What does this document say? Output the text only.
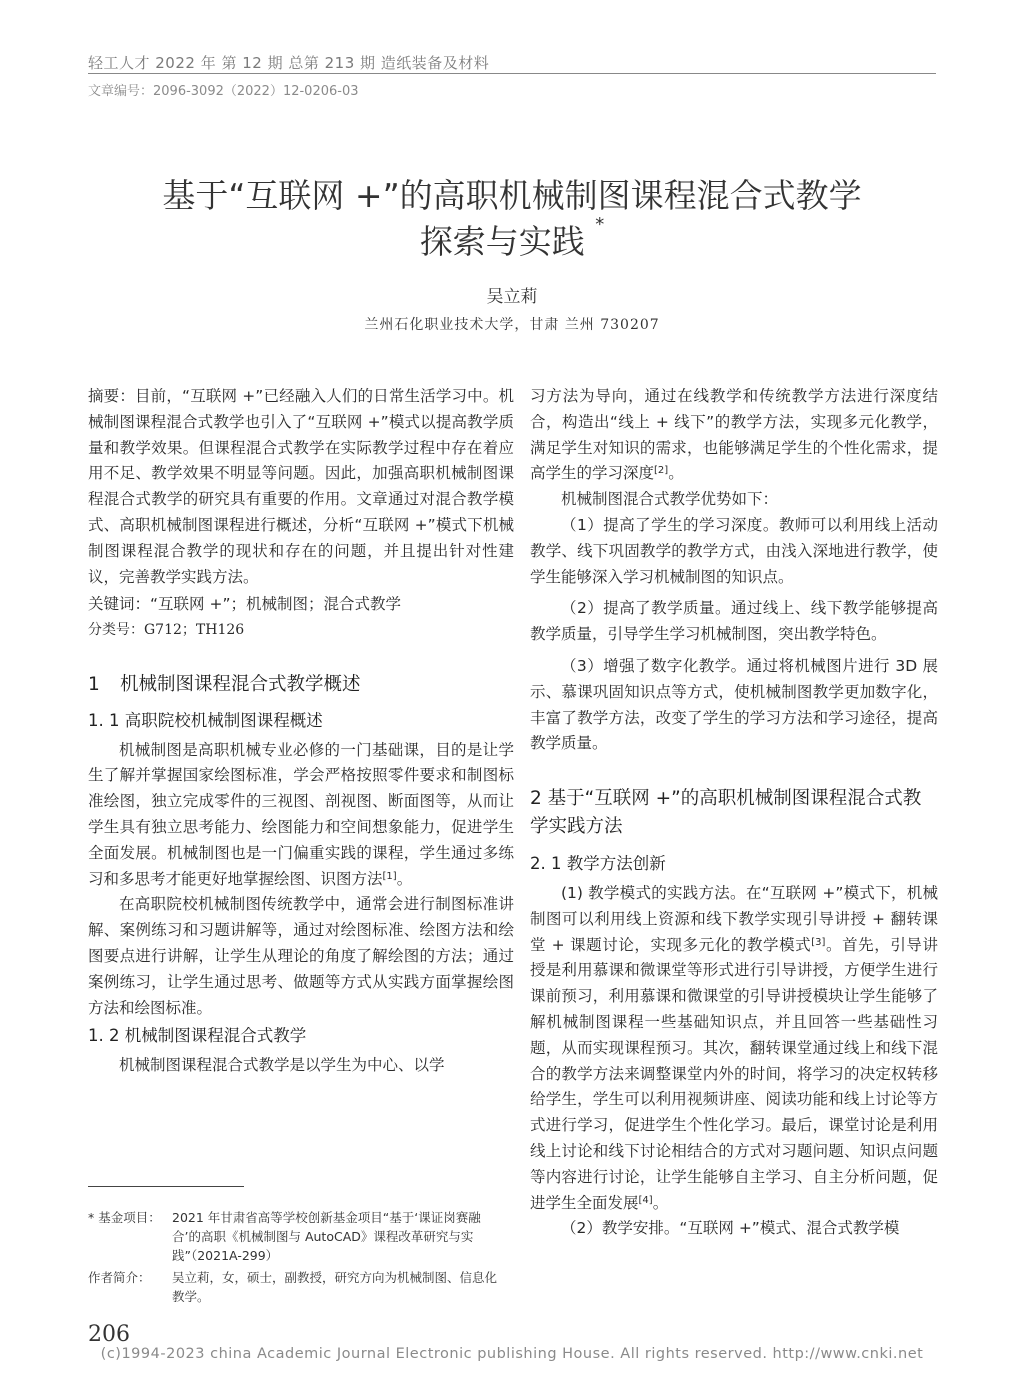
轻工人才 2022 年 第 12 期 总第 213 期 造纸装备及材料
文章编号：2096-3092（2022）12-0206-03
基于“互联网 +”的高职机械制图课程混合式教学
探索与实践 *
吴立莉
兰州石化职业技术大学，甘肃 兰州 730207

摘要：目前，“互联网 +”已经融入人们的日常生活学习中。机械制图课程混合式教学也引入了“互联网 +”模式以提高教学质量和教学效果。但课程混合式教学在实际教学过程中存在着应用不足、教学效果不明显等问题。因此，加强高职机械制图课程混合式教学的研究具有重要的作用。文章通过对混合教学模式、高职机械制图课程进行概述，分析“互联网 +”模式下机械制图课程混合教学的现状和存在的问题，并且提出针对性建议，完善教学实践方法。

关键词：“互联网 +”；机械制图；混合式教学

分类号：G712；TH126

1 机械制图课程混合式教学概述

1. 1 高职院校机械制图课程概述

机械制图是高职机械专业必修的一门基础课，目的是让学生了解并掌握国家绘图标准，学会严格按照零件要求和制图标准绘图，独立完成零件的三视图、剖视图、断面图等，从而让学生具有独立思考能力、绘图能力和空间想象能力，促进学生全面发展。机械制图也是一门偏重实践的课程，学生通过多练习和多思考才能更好地掌握绘图、识图方法[1]。

在高职院校机械制图传统教学中，通常会进行制图标准讲解、案例练习和习题讲解等，通过对绘图标准、绘图方法和绘图要点进行讲解，让学生从理论的角度了解绘图的方法；通过案例练习，让学生通过思考、做题等方式从实践方面掌握绘图方法和绘图标准。

1. 2 机械制图课程混合式教学

机械制图课程混合式教学是以学生为中心、以学

* 基金项目： 2021 年甘肃省高等学校创新基金项目“基于‘课证岗赛融合’的高职《机械制图与 AutoCAD》课程改革研究与实践”（2021A-299）
作者简介： 吴立莉，女，硕士，副教授，研究方向为机械制图、信息化教学。

习方法为导向，通过在线教学和传统教学方法进行深度结合，构造出“线上 + 线下”的教学方法，实现多元化教学，满足学生对知识的需求，也能够满足学生的个性化需求，提高学生的学习深度[2]。

机械制图混合式教学优势如下：

（1）提高了学生的学习深度。教师可以利用线上活动教学、线下巩固教学的教学方式，由浅入深地进行教学，使学生能够深入学习机械制图的知识点。

（2）提高了教学质量。通过线上、线下教学能够提高教学质量，引导学生学习机械制图，突出教学特色。

（3）增强了数字化教学。通过将机械图片进行 3D 展示、慕课巩固知识点等方式，使机械制图教学更加数字化，丰富了教学方法，改变了学生的学习方法和学习途径，提高教学质量。

2 基于“互联网 +”的高职机械制图课程混合式教学实践方法

2. 1 教学方法创新

(1) 教学模式的实践方法。在“互联网 +”模式下，机械制图可以利用线上资源和线下教学实现引导讲授 + 翻转课堂 + 课题讨论，实现多元化的教学模式[3]。首先，引导讲授是利用慕课和微课堂等形式进行引导讲授，方便学生进行课前预习，利用慕课和微课堂的引导讲授模块让学生能够了解机械制图课程一些基础知识点，并且回答一些基础性习题，从而实现课程预习。其次，翻转课堂通过线上和线下混合的教学方法来调整课堂内外的时间，将学习的决定权转移给学生，学生可以利用视频讲座、阅读功能和线上讨论等方式进行学习，促进学生个性化学习。最后，课堂讨论是利用线上讨论和线下讨论相结合的方式对习题问题、知识点问题等内容进行讨论，让学生能够自主学习、自主分析问题，促进学生全面发展[4]。

（2）教学安排。“互联网 +”模式、混合式教学模

206
(c)1994-2023 china Academic Journal Electronic publishing House. All rights reserved. http://www.cnki.net
